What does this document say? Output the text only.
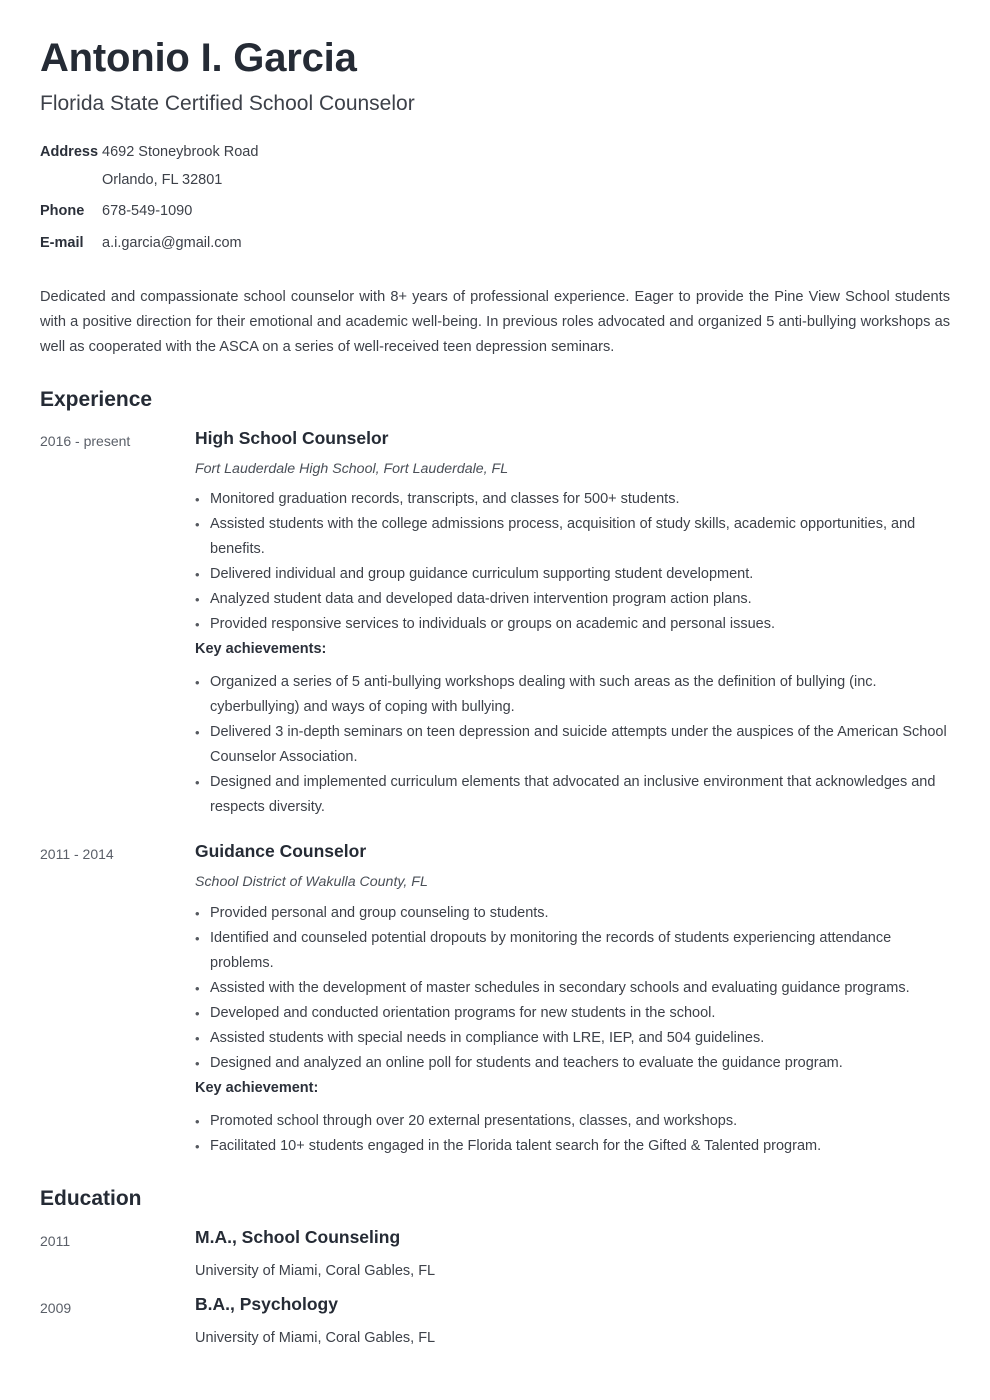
Antonio I. Garcia
Florida State Certified School Counselor
Address 4692 Stoneybrook Road
Orlando, FL 32801
Phone	678-549-1090
E-mail	a.i.garcia@gmail.com

Dedicated and compassionate school counselor with 8+ years of professional experience. Eager to provide the Pine View School students with a positive direction for their emotional and academic well-being. In previous roles advocated and organized 5 anti-bullying workshops as well as cooperated with the ASCA on a series of well-received teen depression seminars.

Experience
2016 - present	High School Counselor
Fort Lauderdale High School, Fort Lauderdale, FL
• Monitored graduation records, transcripts, and classes for 500+ students.
• Assisted students with the college admissions process, acquisition of study skills, academic opportunities, and benefits.
• Delivered individual and group guidance curriculum supporting student development.
• Analyzed student data and developed data-driven intervention program action plans.
• Provided responsive services to individuals or groups on academic and personal issues.
Key achievements:
• Organized a series of 5 anti-bullying workshops dealing with such areas as the definition of bullying (inc. cyberbullying) and ways of coping with bullying.
• Delivered 3 in-depth seminars on teen depression and suicide attempts under the auspices of the American School Counselor Association.
• Designed and implemented curriculum elements that advocated an inclusive environment that acknowledges and respects diversity.
2011 - 2014	Guidance Counselor
School District of Wakulla County, FL
• Provided personal and group counseling to students.
• Identified and counseled potential dropouts by monitoring the records of students experiencing attendance problems.
• Assisted with the development of master schedules in secondary schools and evaluating guidance programs.
• Developed and conducted orientation programs for new students in the school.
• Assisted students with special needs in compliance with LRE, IEP, and 504 guidelines.
• Designed and analyzed an online poll for students and teachers to evaluate the guidance program.
Key achievement:
• Promoted school through over 20 external presentations, classes, and workshops.
• Facilitated 10+ students engaged in the Florida talent search for the Gifted & Talented program.
Education
2011	M.A., School Counseling
University of Miami, Coral Gables, FL
2009	B.A., Psychology
University of Miami, Coral Gables, FL
